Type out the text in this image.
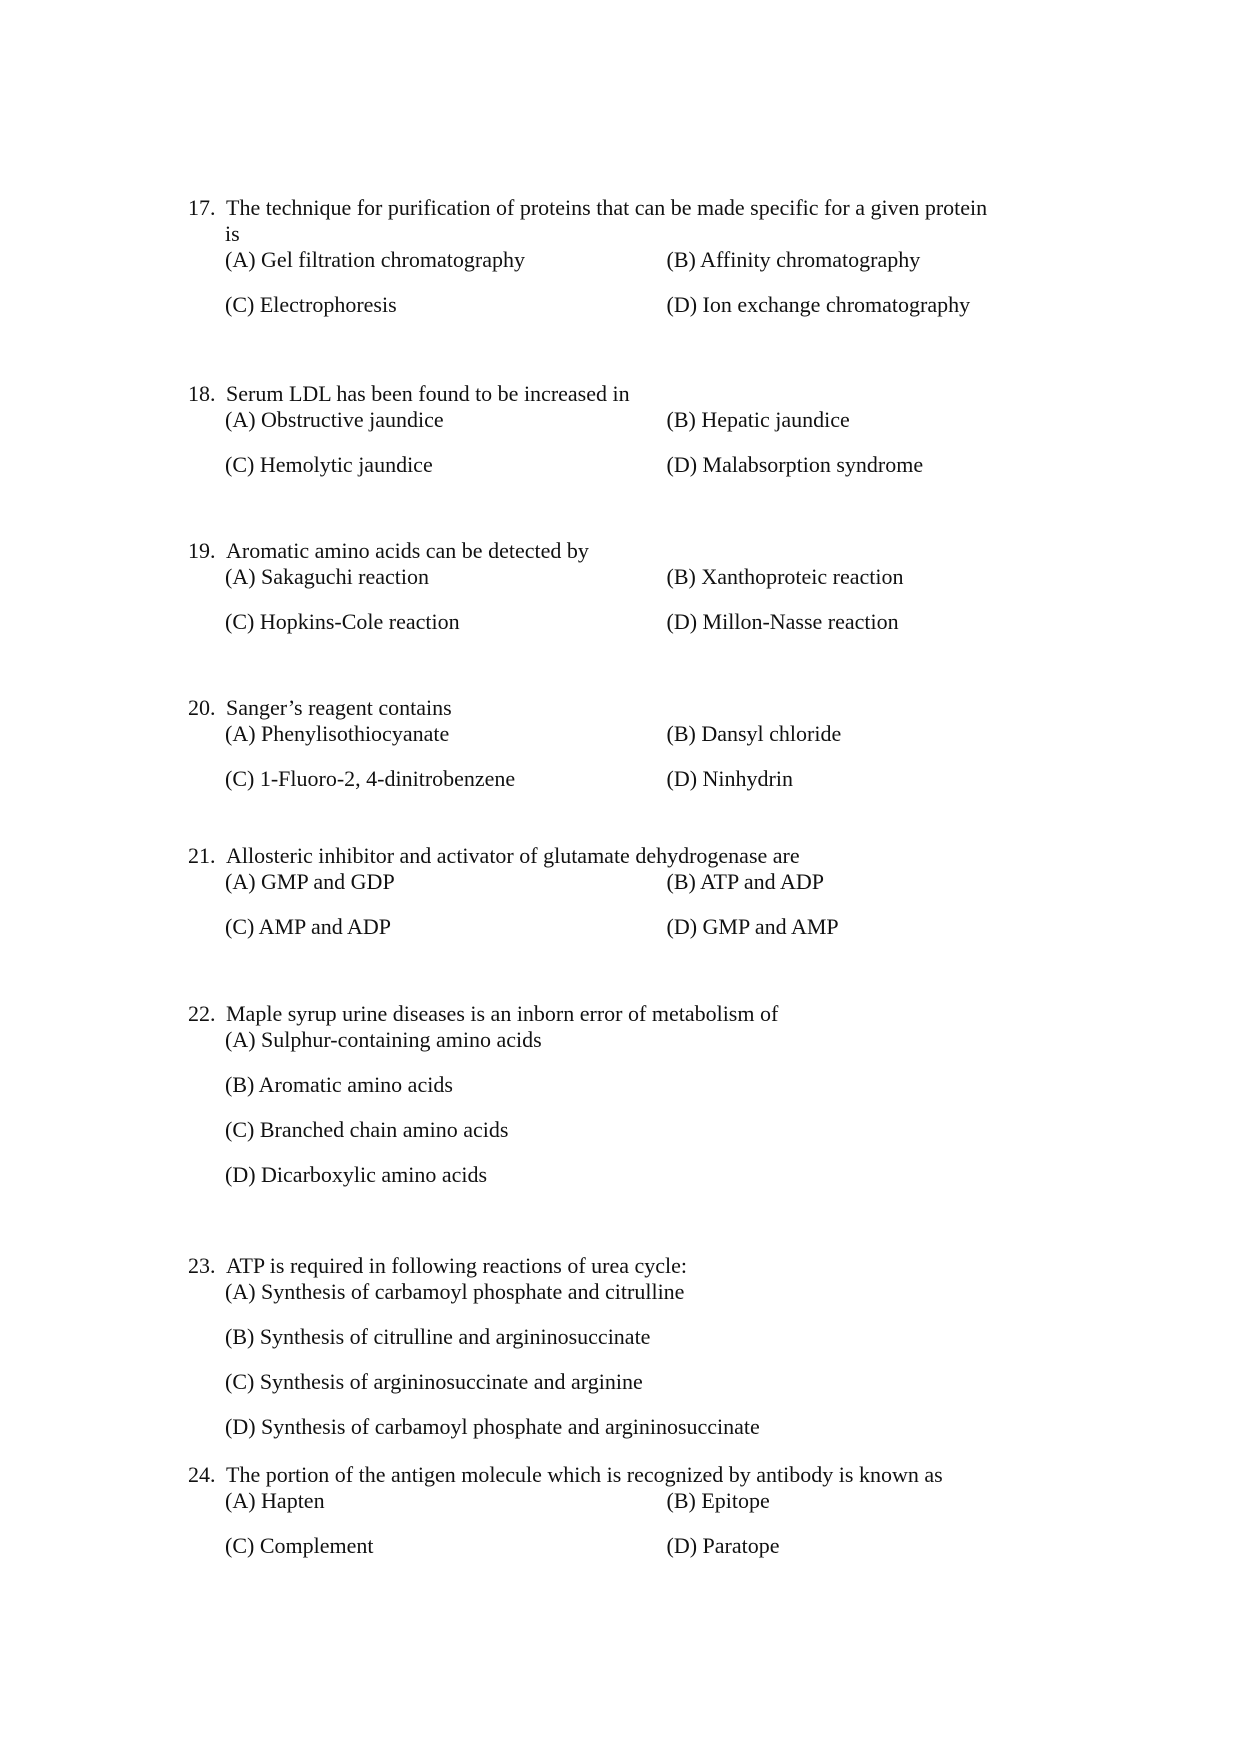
17. The technique for purification of proteins that can be made specific for a given protein
is
(A) Gel filtration chromatography	(B) Affinity chromatography
(C) Electrophoresis	(D) Ion exchange chromatography
18. Serum LDL has been found to be increased in
(A) Obstructive jaundice	(B) Hepatic jaundice
(C) Hemolytic jaundice	(D) Malabsorption syndrome
19. Aromatic amino acids can be detected by
(A) Sakaguchi reaction	(B) Xanthoproteic reaction
(C) Hopkins-Cole reaction	(D) Millon-Nasse reaction
20. Sanger’s reagent contains
(A) Phenylisothiocyanate	(B) Dansyl chloride
(C) 1-Fluoro-2, 4-dinitrobenzene	(D) Ninhydrin
21. Allosteric inhibitor and activator of glutamate dehydrogenase are
(A) GMP and GDP	(B) ATP and ADP
(C) AMP and ADP	(D) GMP and AMP
22. Maple syrup urine diseases is an inborn error of metabolism of
(A) Sulphur-containing amino acids
(B) Aromatic amino acids
(C) Branched chain amino acids
(D) Dicarboxylic amino acids
23. ATP is required in following reactions of urea cycle:
(A) Synthesis of carbamoyl phosphate and citrulline
(B) Synthesis of citrulline and argininosuccinate
(C) Synthesis of argininosuccinate and arginine
(D) Synthesis of carbamoyl phosphate and argininosuccinate
24. The portion of the antigen molecule which is recognized by antibody is known as
(A) Hapten	(B) Epitope
(C) Complement	(D) Paratope
